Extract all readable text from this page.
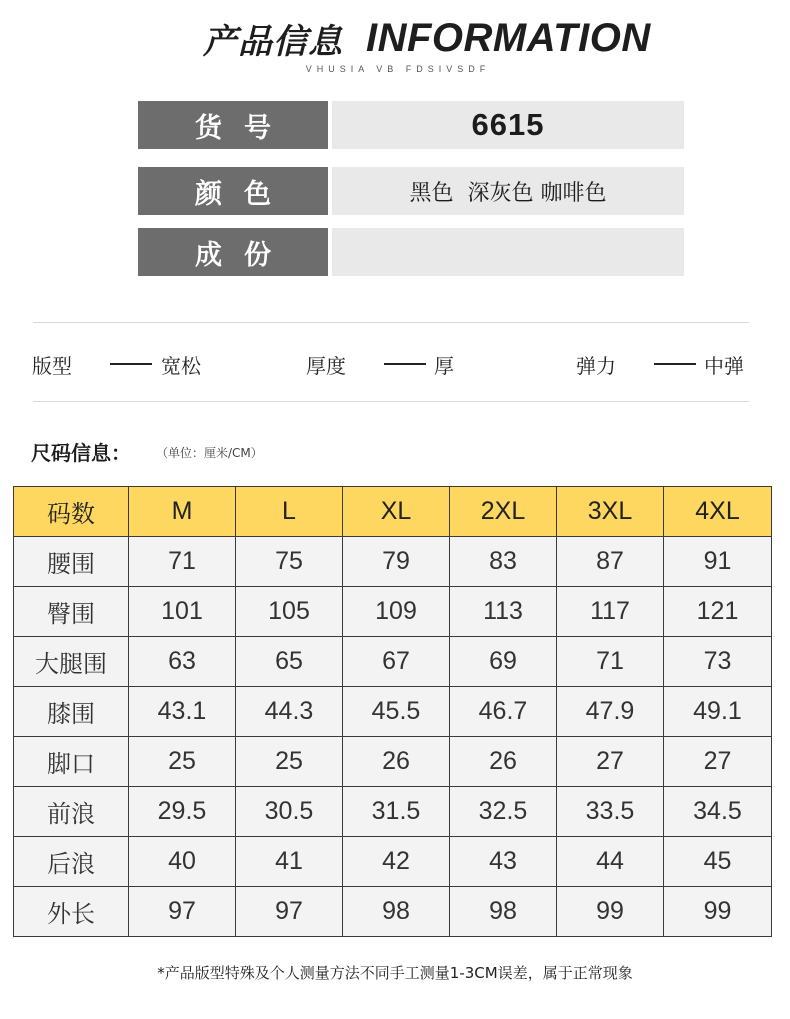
产品信息 INFORMATION
VHUSIA VB FDSIVSDF
货 号	6615
颜 色	黑色  深灰色 咖啡色
成 份
版型	宽松	厚度	厚	弹力	中弹
尺码信息： （单位：厘米/CM）
码数	M	L	XL	2XL	3XL	4XL
腰围	71	75	79	83	87	91
臀围	101	105	109	113	117	121
大腿围	63	65	67	69	71	73
膝围	43.1	44.3	45.5	46.7	47.9	49.1
脚口	25	25	26	26	27	27
前浪	29.5	30.5	31.5	32.5	33.5	34.5
后浪	40	41	42	43	44	45
外长	97	97	98	98	99	99
*产品版型特殊及个人测量方法不同手工测量1-3CM误差，属于正常现象
